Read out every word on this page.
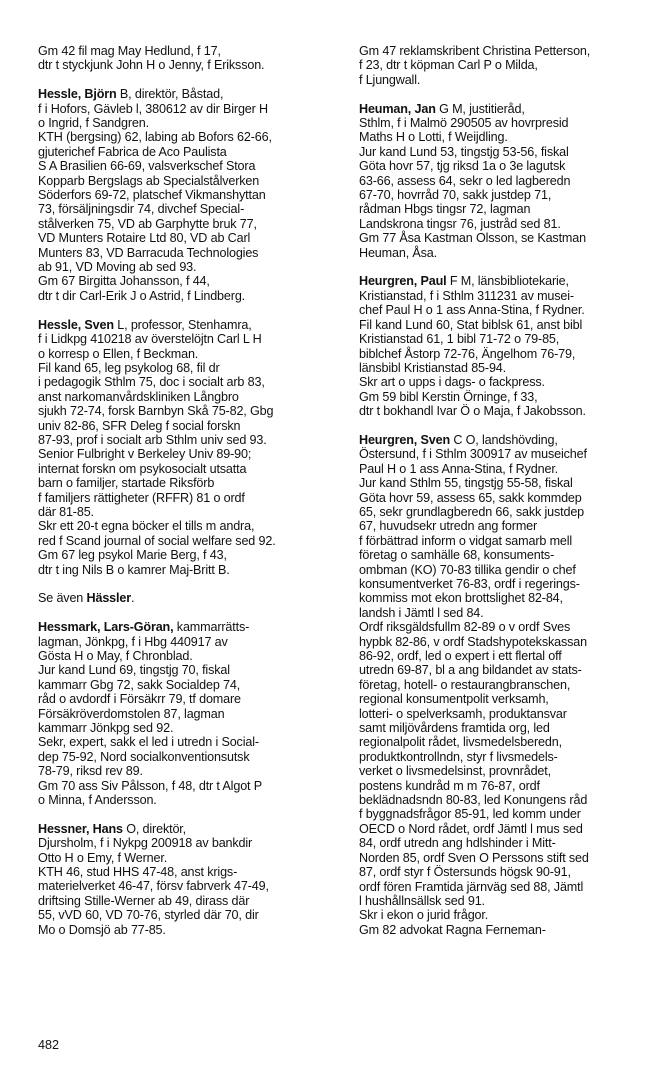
Gm 42 fil mag May Hedlund, f 17,
dtr t styckjunk John H o Jenny, f Eriksson.
Hessle, Björn B, direktör, Båstad,
f i Hofors, Gävleb l, 380612 av dir Birger H
o Ingrid, f Sandgren.
KTH (bergsing) 62, labing ab Bofors 62-66,
gjuterichef Fabrica de Aco Paulista
S A Brasilien 66-69, valsverkschef Stora
Kopparb Bergslags ab Specialstålverken
Söderfors 69-72, platschef Vikmanshyttan
73, försäljningsdir 74, divchef Special-
stålverken 75, VD ab Garphytte bruk 77,
VD Munters Rotaire Ltd 80, VD ab Carl
Munters 83, VD Barracuda Technologies
ab 91, VD Moving ab sed 93.
Gm 67 Birgitta Johansson, f 44,
dtr t dir Carl-Erik J o Astrid, f Lindberg.
Hessle, Sven L, professor, Stenhamra,
f i Lidkpg 410218 av överstelöjtn Carl L H
o korresp o Ellen, f Beckman.
Fil kand 65, leg psykolog 68, fil dr
i pedagogik Sthlm 75, doc i socialt arb 83,
anst narkomanvårdskliniken Långbro
sjukh 72-74, forsk Barnbyn Skå 75-82, Gbg
univ 82-86, SFR Deleg f social forskn
87-93, prof i socialt arb Sthlm univ sed 93.
Senior Fulbright v Berkeley Univ 89-90;
internat forskn om psykosocialt utsatta
barn o familjer, startade Riksförb
f familjers rättigheter (RFFR) 81 o ordf
där 81-85.
Skr ett 20-t egna böcker el tills m andra,
red f Scand journal of social welfare sed 92.
Gm 67 leg psykol Marie Berg, f 43,
dtr t ing Nils B o kamrer Maj-Britt B.
Se även Hässler.
Hessmark, Lars-Göran, kammarrätts-
lagman, Jönkpg, f i Hbg 440917 av
Gösta H o May, f Chronblad.
Jur kand Lund 69, tingstjg 70, fiskal
kammarr Gbg 72, sakk Socialdep 74,
råd o avdordf i Försäkrr 79, tf domare
Försäkröverdomstolen 87, lagman
kammarr Jönkpg sed 92.
Sekr, expert, sakk el led i utredn i Social-
dep 75-92, Nord socialkonventionsutsk
78-79, riksd rev 89.
Gm 70 ass Siv Pålsson, f 48, dtr t Algot P
o Minna, f Andersson.
Hessner, Hans O, direktör,
Djursholm, f i Nykpg 200918 av bankdir
Otto H o Emy, f Werner.
KTH 46, stud HHS 47-48, anst krigs-
materielverket 46-47, försv fabrverk 47-49,
driftsing Stille-Werner ab 49, dirass där
55, vVD 60, VD 70-76, styrled där 70, dir
Mo o Domsjö ab 77-85.
Gm 47 reklamskribent Christina Petterson,
f 23, dtr t köpman Carl P o Milda,
f Ljungwall.
Heuman, Jan G M, justitieråd,
Sthlm, f i Malmö 290505 av hovrpresid
Maths H o Lotti, f Weijdling.
Jur kand Lund 53, tingstjg 53-56, fiskal
Göta hovr 57, tjg riksd 1a o 3e lagutsk
63-66, assess 64, sekr o led lagberedn
67-70, hovrråd 70, sakk justdep 71,
rådman Hbgs tingsr 72, lagman
Landskrona tingsr 76, justråd sed 81.
Gm 77 Åsa Kastman Olsson, se Kastman
Heuman, Åsa.
Heurgren, Paul F M, länsbibliotekarie,
Kristianstad, f i Sthlm 311231 av musei-
chef Paul H o 1 ass Anna-Stina, f Rydner.
Fil kand Lund 60, Stat biblsk 61, anst bibl
Kristianstad 61, 1 bibl 71-72 o 79-85,
biblchef Åstorp 72-76, Ängelhom 76-79,
länsbibl Kristianstad 85-94.
Skr art o upps i dags- o fackpress.
Gm 59 bibl Kerstin Örninge, f 33,
dtr t bokhandl Ivar Ö o Maja, f Jakobsson.
Heurgren, Sven C O, landshövding,
Östersund, f i Sthlm 300917 av museichef
Paul H o 1 ass Anna-Stina, f Rydner.
Jur kand Sthlm 55, tingstjg 55-58, fiskal
Göta hovr 59, assess 65, sakk kommdep
65, sekr grundlagberedn 66, sakk justdep
67, huvudsekr utredn ang former
f förbättrad inform o vidgat samarb mell
företag o samhälle 68, konsuments-
ombman (KO) 70-83 tillika gendir o chef
konsumentverket 76-83, ordf i regerings-
kommiss mot ekon brottslighet 82-84,
landsh i Jämtl l sed 84.
Ordf riksgäldsfullm 82-89 o v ordf Sves
hypbk 82-86, v ordf Stadshypotekskassan
86-92, ordf, led o expert i ett flertal off
utredn 69-87, bl a ang bildandet av stats-
företag, hotell- o restaurangbranschen,
regional konsumentpolit verksamh,
lotteri- o spelverksamh, produktansvar
samt miljövårdens framtida org, led
regionalpolit rådet, livsmedelsberedn,
produktkontrollndn, styr f livsmedels-
verket o livsmedelsinst, provnrådet,
postens kundråd m m 76-87, ordf
beklädnadsndn 80-83, led Konungens råd
f byggnadsfrågor 85-91, led komm under
OECD o Nord rådet, ordf Jämtl l mus sed
84, ordf utredn ang hdlshinder i Mitt-
Norden 85, ordf Sven O Perssons stift sed
87, ordf styr f Östersunds högsk 90-91,
ordf fören Framtida järnväg sed 88, Jämtl
l hushållnsällsk sed 91.
Skr i ekon o jurid frågor.
Gm 82 advokat Ragna Ferneman-
482
